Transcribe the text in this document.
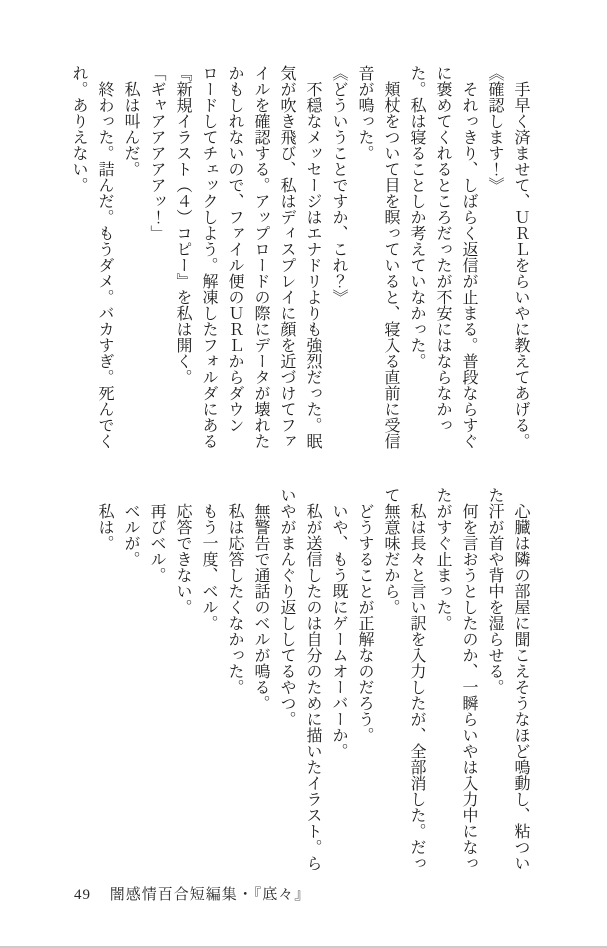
手早く済ませて、ＵＲＬをらいやに教えてあげる。

《確認します！》

それっきり、しばらく返信が止まる。普段ならすぐに褒めてくれるところだったが不安にはならなかった。私は寝ることしか考えていなかった。

頬杖をついて目を瞑っていると、寝入る直前に受信音が鳴った。

《どういうことですか、これ？》

不穏なメッセージはエナドリよりも強烈だった。眠気が吹き飛び、私はディスプレイに顔を近づけてファイルを確認する。アップロードの際にデータが壊れたかもしれないので、ファイル便のＵＲＬからダウンロードしてチェックしよう。解凍したフォルダにある『新規イラスト（４）コピー』を私は開く。

「ギャアアアアアッ！」

私は叫んだ。

終わった。詰んだ。もうダメ。バカすぎ。死んでくれ。ありえない。

心臓は隣の部屋に聞こえそうなほど鳴動し、粘ついた汗が首や背中を湿らせる。

何を言おうとしたのか、一瞬らいやは入力中になったがすぐ止まった。

私は長々と言い訳を入力したが、全部消した。だって無意味だから。

どうすることが正解なのだろう。

いや、もう既にゲームオーバーか。

私が送信したのは自分のために描いたイラスト。らいやがまんぐり返ししてるやつ。

無警告で通話のベルが鳴る。

私は応答したくなかった。

もう一度、ベル。

応答できない。

再びベル。

ベルが。

私は。

49 闇感情百合短編集・『底々』
